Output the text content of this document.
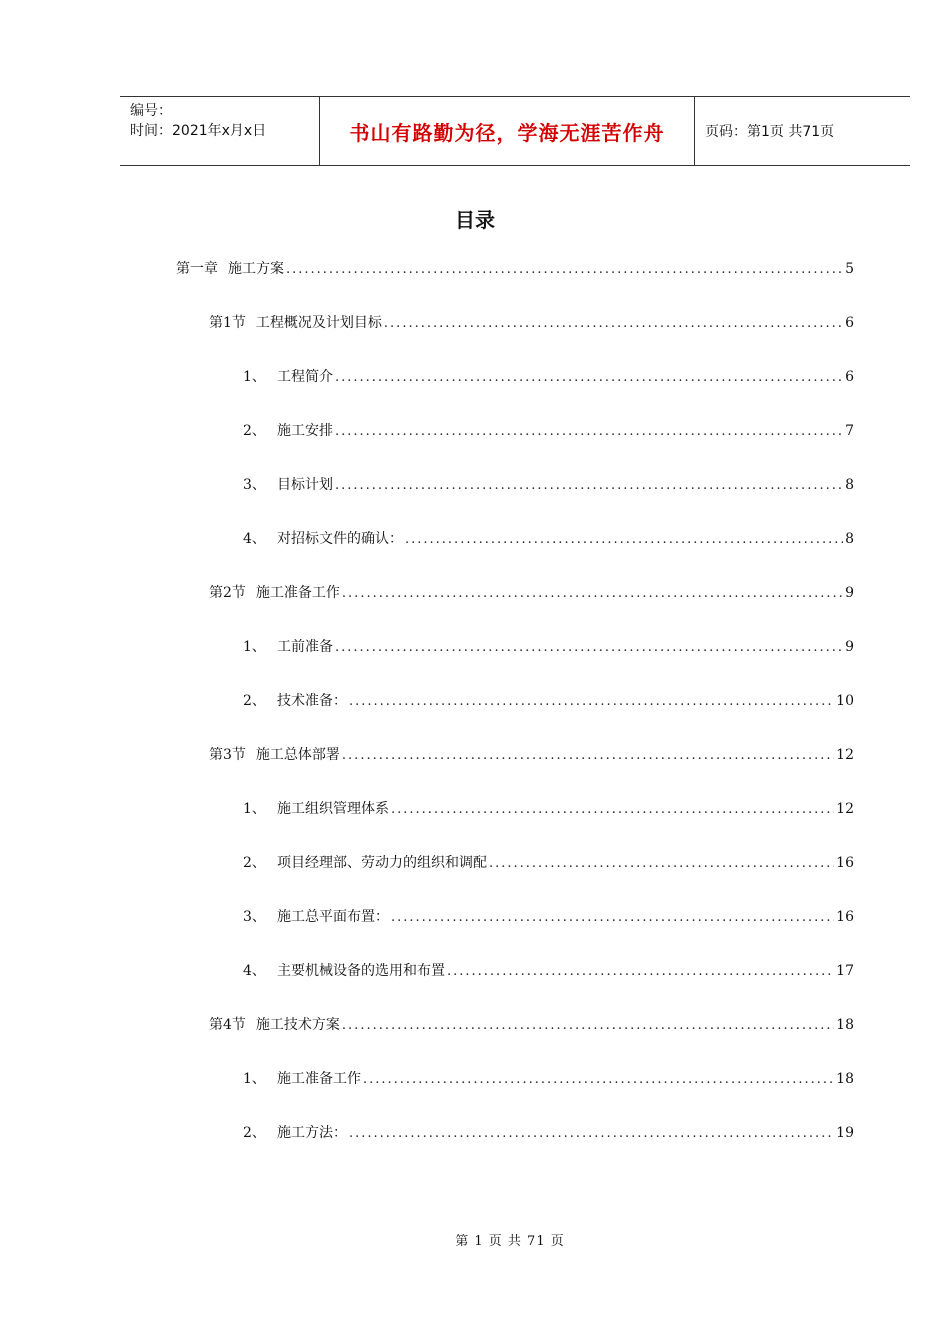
编号：
时间：2021年x月x日	书山有路勤为径，学海无涯苦作舟	页码：第1页 共71页
目录
第一章 施工方案 .....	5
第1节 工程概况及计划目标 .....	6
1、 工程简介 .....	6
2、 施工安排 .....	7
3、 目标计划 .....	8
4、 对招标文件的确认： .....	8
第2节 施工准备工作 .....	9
1、 工前准备 .....	9
2、 技术准备： .....	10
第3节 施工总体部署 .....	12
1、 施工组织管理体系 .....	12
2、 项目经理部、劳动力的组织和调配 .....	16
3、 施工总平面布置： .....	16
4、 主要机械设备的选用和布置 .....	17
第4节 施工技术方案 .....	18
1、 施工准备工作 .....	18
2、 施工方法： .....	19
第 1 页 共 71 页
